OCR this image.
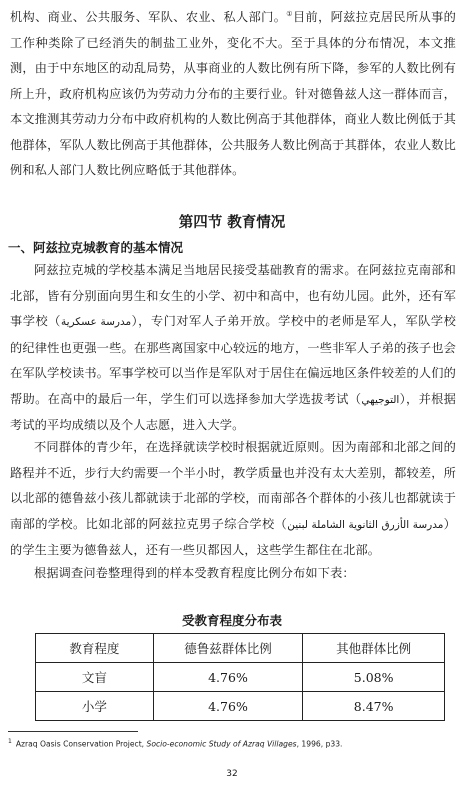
机构、商业、公共服务、军队、农业、私人部门。①目前，阿兹拉克居民所从事的工作种类除了已经消失的制盐工业外，变化不大。至于具体的分布情况，本文推测，由于中东地区的动乱局势，从事商业的人数比例有所下降，参军的人数比例有所上升，政府机构应该仍为劳动力分布的主要行业。针对德鲁兹人这一群体而言，本文推测其劳动力分布中政府机构的人数比例高于其他群体，商业人数比例低于其他群体，军队人数比例高于其他群体，公共服务人数比例高于其群体，农业人数比例和私人部门人数比例应略低于其他群体。

第四节 教育情况
一、阿兹拉克城教育的基本情况

阿兹拉克城的学校基本满足当地居民接受基础教育的需求。在阿兹拉克南部和北部，皆有分别面向男生和女生的小学、初中和高中，也有幼儿园。此外，还有军事学校（مدرسة عسكرية），专门对军人子弟开放。学校中的老师是军人，军队学校的纪律性也更强一些。在那些离国家中心较远的地方，一些非军人子弟的孩子也会在军队学校读书。军事学校可以当作是军队对于居住在偏远地区条件较差的人们的帮助。在高中的最后一年，学生们可以选择参加大学选拔考试（التوجيهي），并根据考试的平均成绩以及个人志愿，进入大学。

不同群体的青少年，在选择就读学校时根据就近原则。因为南部和北部之间的路程并不近，步行大约需要一个半小时，教学质量也并没有太大差别，都较差，所以北部的德鲁兹小孩儿都就读于北部的学校，而南部各个群体的小孩儿也都就读于南部的学校。比如北部的阿兹拉克男子综合学校（مدرسة الأزرق الثانوية الشاملة لبنين）的学生主要为德鲁兹人，还有一些贝都因人，这些学生都住在北部。

根据调查问卷整理得到的样本受教育程度比例分布如下表：

受教育程度分布表

教育程度	德鲁兹群体比例	其他群体比例
文盲	4.76%	5.08%
小学	4.76%	8.47%

$^1$ Azraq Oasis Conservation Project, Socio-economic Study of Azraq Villages, 1996, p33.

32
